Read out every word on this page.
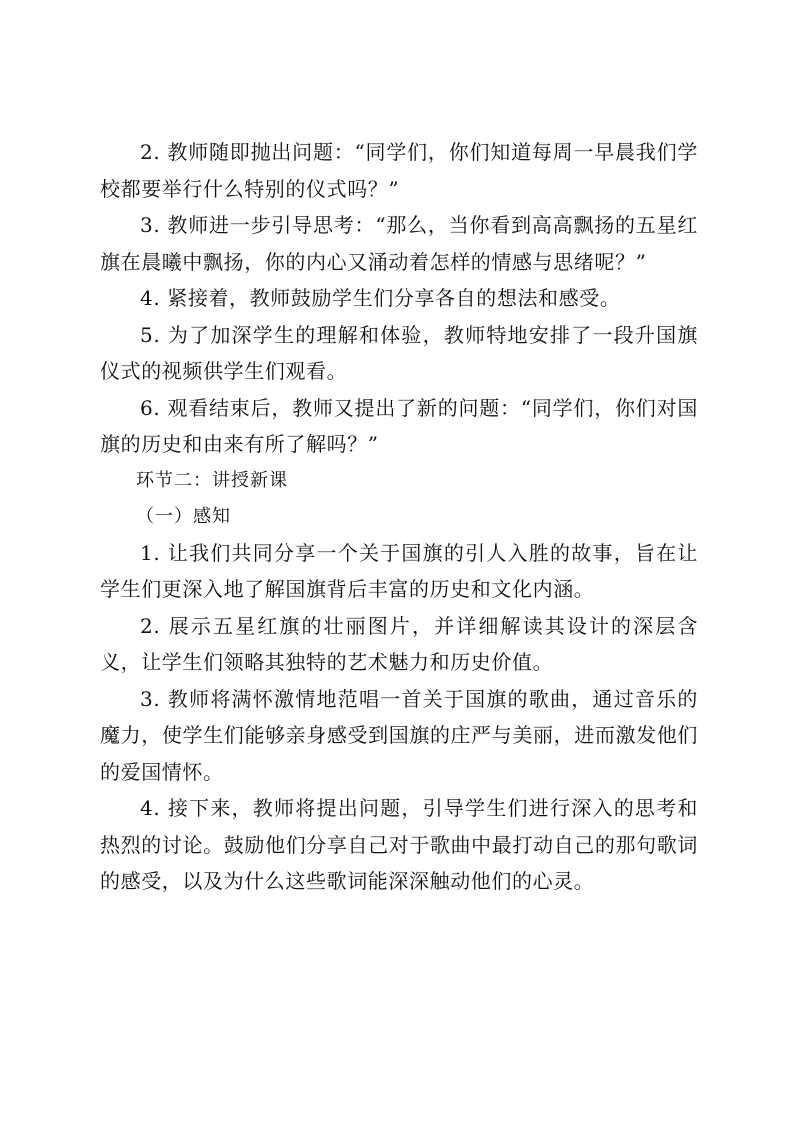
2. 教师随即抛出问题：“同学们，你们知道每周一早晨我们学校都要举行什么特别的仪式吗？”

3. 教师进一步引导思考：“那么，当你看到高高飘扬的五星红旗在晨曦中飘扬，你的内心又涌动着怎样的情感与思绪呢？”

4. 紧接着，教师鼓励学生们分享各自的想法和感受。

5. 为了加深学生的理解和体验，教师特地安排了一段升国旗仪式的视频供学生们观看。

6. 观看结束后，教师又提出了新的问题：“同学们，你们对国旗的历史和由来有所了解吗？”

环节二：讲授新课

（一）感知

1. 让我们共同分享一个关于国旗的引人入胜的故事，旨在让学生们更深入地了解国旗背后丰富的历史和文化内涵。

2. 展示五星红旗的壮丽图片，并详细解读其设计的深层含义，让学生们领略其独特的艺术魅力和历史价值。

3. 教师将满怀激情地范唱一首关于国旗的歌曲，通过音乐的魔力，使学生们能够亲身感受到国旗的庄严与美丽，进而激发他们的爱国情怀。

4. 接下来，教师将提出问题，引导学生们进行深入的思考和热烈的讨论。鼓励他们分享自己对于歌曲中最打动自己的那句歌词的感受，以及为什么这些歌词能深深触动他们的心灵。
